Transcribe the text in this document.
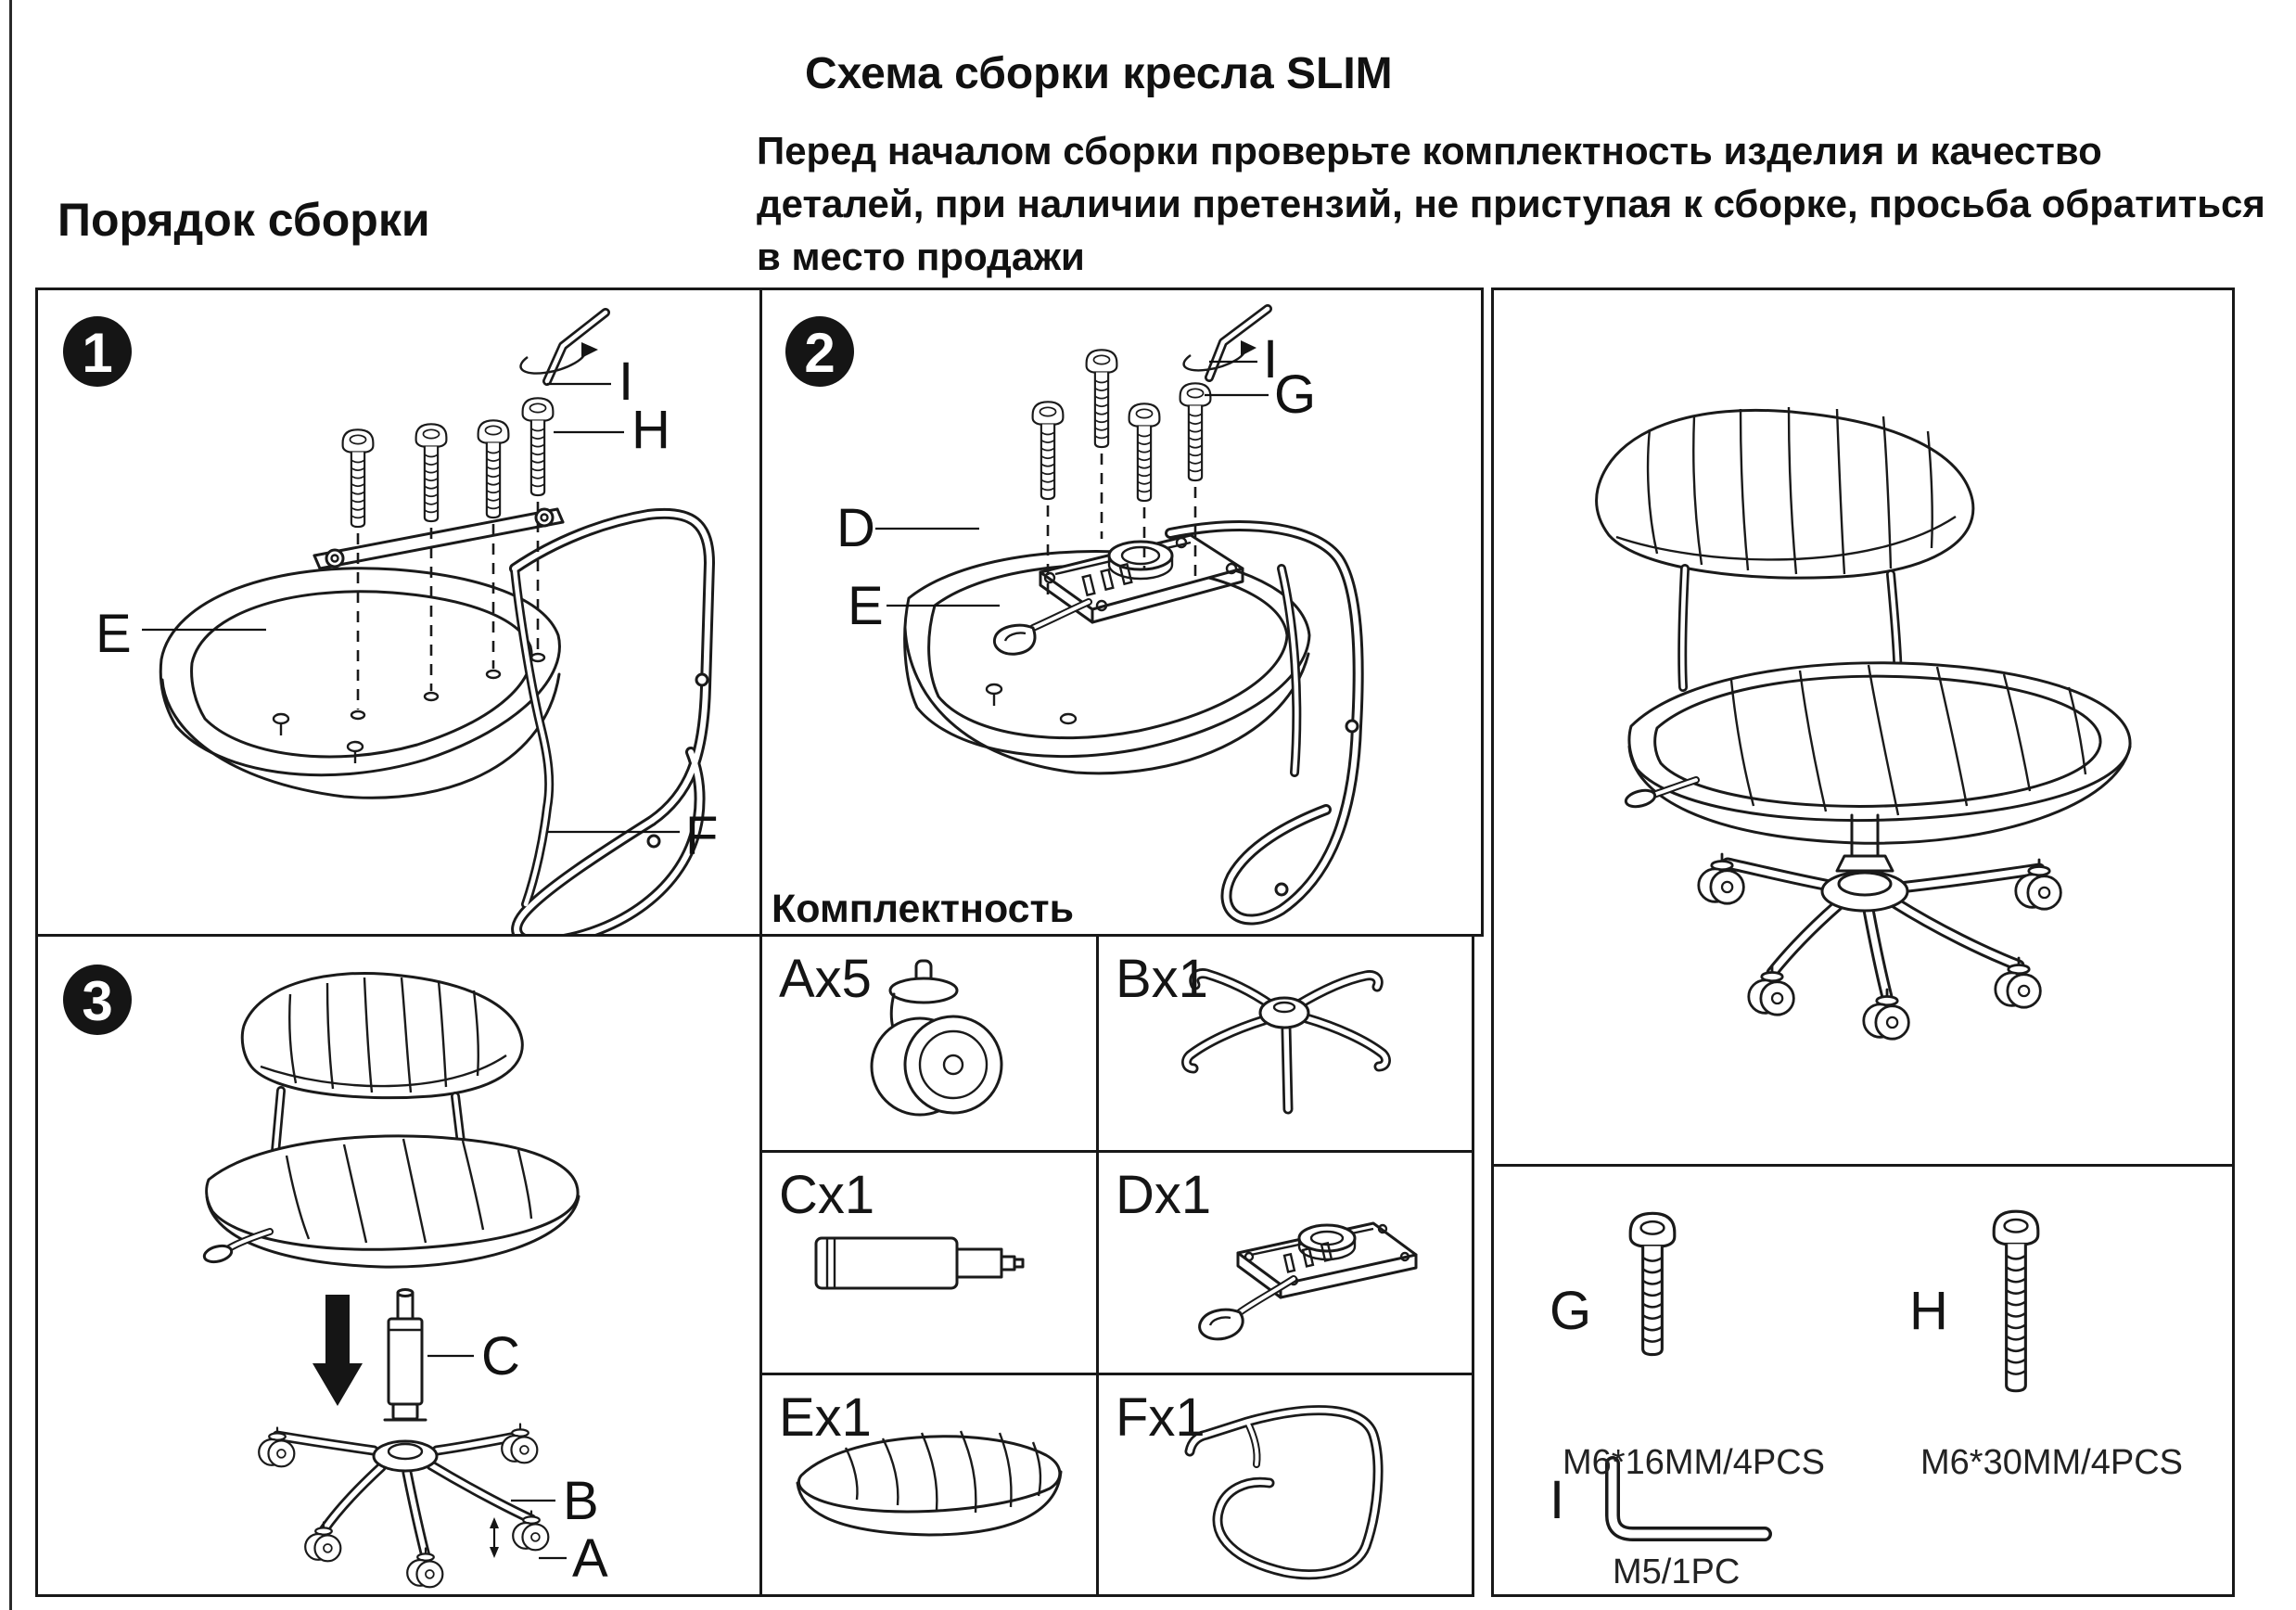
Схема сборки кресла SLIM
Перед началом сборки проверьте комплектность изделия и качество
деталей, при наличии претензий, не приступая к сборке, просьба обратиться
в место продажи
Порядок сборки
Комплектность
1	I
H
E
F
2	I
G
D
E
3
C
B
A
Ax5	Bx1
Cx1	Dx1
Ex1	Fx1
G
M6*16MM/4PCS
H
M6*30MM/4PCS
I
M5/1PC
